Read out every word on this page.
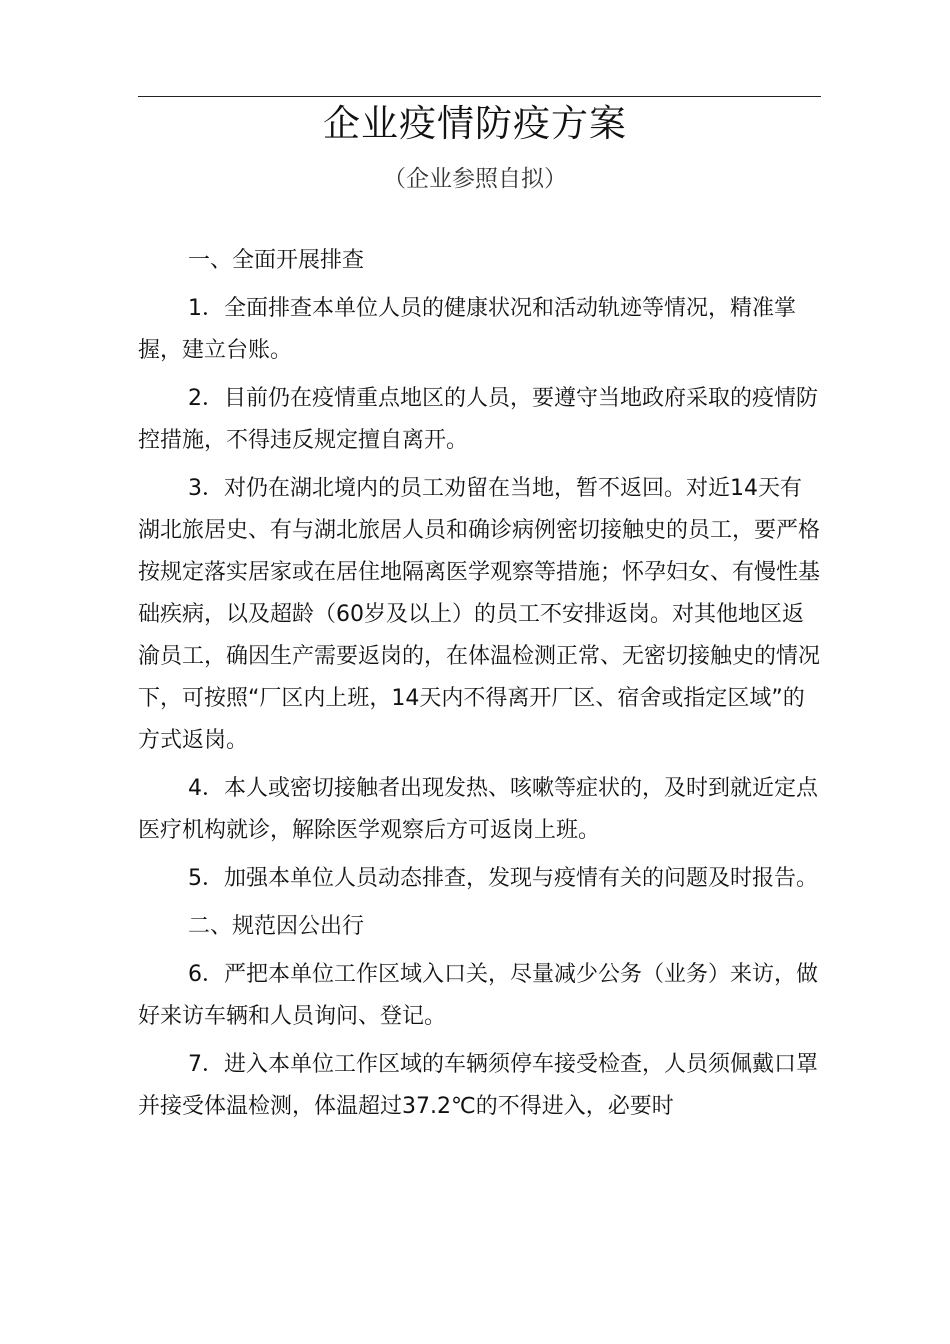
企业疫情防疫方案
（企业参照自拟）

一、全面开展排查

1．全面排查本单位人员的健康状况和活动轨迹等情况，精准掌握，建立台账。

2．目前仍在疫情重点地区的人员，要遵守当地政府采取的疫情防控措施，不得违反规定擅自离开。

3．对仍在湖北境内的员工劝留在当地，暂不返回。对近14天有湖北旅居史、有与湖北旅居人员和确诊病例密切接触史的员工，要严格按规定落实居家或在居住地隔离医学观察等措施；怀孕妇女、有慢性基础疾病，以及超龄（60岁及以上）的员工不安排返岗。对其他地区返渝员工，确因生产需要返岗的，在体温检测正常、无密切接触史的情况下，可按照“厂区内上班，14天内不得离开厂区、宿舍或指定区域”的方式返岗。

4．本人或密切接触者出现发热、咳嗽等症状的，及时到就近定点医疗机构就诊，解除医学观察后方可返岗上班。

5．加强本单位人员动态排查，发现与疫情有关的问题及时报告。

二、规范因公出行

6．严把本单位工作区域入口关，尽量减少公务（业务）来访，做好来访车辆和人员询问、登记。

7．进入本单位工作区域的车辆须停车接受检查，人员须佩戴口罩并接受体温检测，体温超过37.2℃的不得进入，必要时
